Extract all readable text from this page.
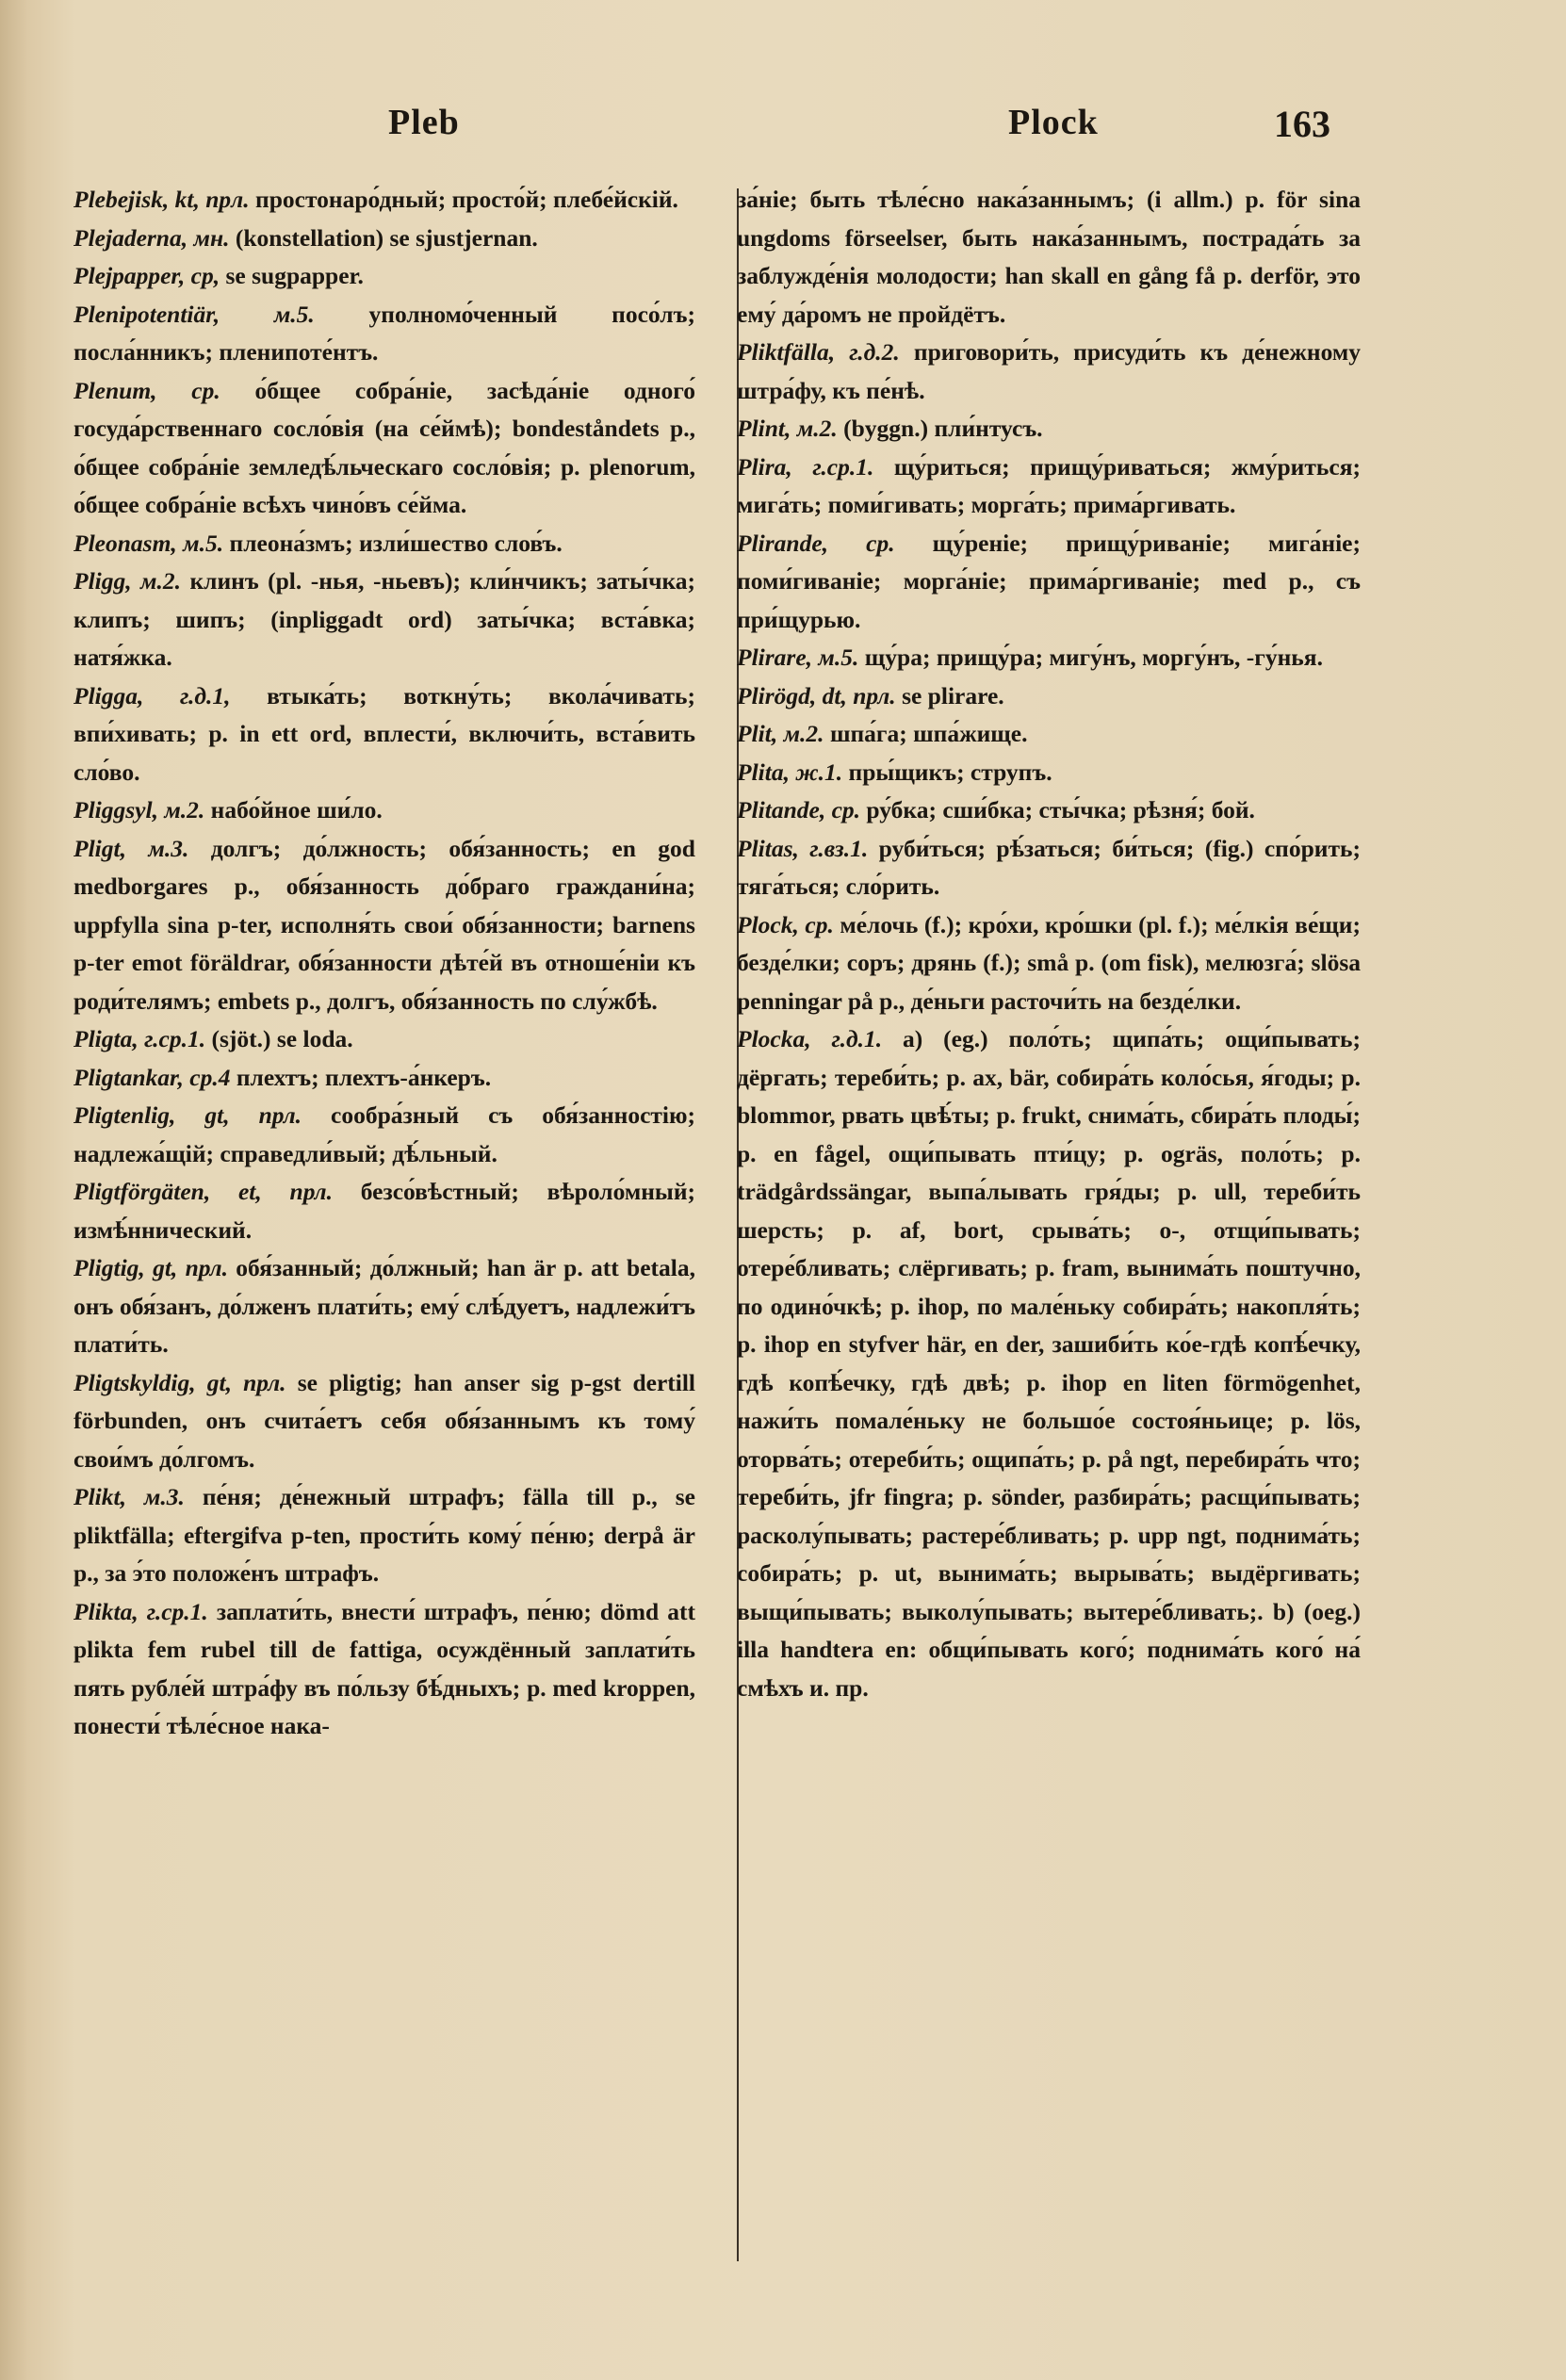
Plеb	Plock	163

Plebejisk, kt, npл. простонаро́дный; просто́й; плебе́йскій.

Plejaderna, мн. (konstellation) se sjustjernan.

Plejpapper, ср, se sugpapper.

Plenipotentiär, м.5. уполномо́ченный посо́лъ; посла́нникъ; пленипоте́нтъ.

Plenum, ср. о́бщее собра́ніе, засѣда́ніе одного́ госуда́рственнаго сосло́вія (на се́ймѣ); bondeståndets p., о́бщее собра́ніе земледѣ́льческаго сосло́вія; p. plenorum, о́бщее собра́ніе всѣхъ чино́въ се́йма.

Pleonasm, м.5. плеона́змъ; изли́шество слов́ъ.

Pligg, м.2. клинъ (pl. -нья, -ньевъ); кли́нчикъ; заты́чка; клипъ; шипъ; (inpliggadt ord) заты́чка; вста́вка; натя́жка.

Pligga, г.д.1, втыка́ть; воткну́ть; вкола́чивать; впи́хивать; p. in ett ord, вплести́, включи́ть, вста́вить сло́во.

Pliggsyl, м.2. набо́йное ши́ло.

Pligt, м.3. долгъ; до́лжность; обя́занность; en god medborgares p., обя́занность до́браго граждани́на; uppfylla sina p-ter, исполня́ть свои́ обя́занности; barnens p-ter emot föräldrar, обя́занности дѣте́й въ отноше́ніи къ роди́телямъ; embets p., долгъ, обя́занность по слу́жбѣ.

Pligta, г.ср.1. (sjöt.) se loda.

Pligtankar, ср.4 плехтъ; плехтъ-а́нкеръ.

Pligtenlig, gt, прл. сообра́зный съ обя́занностію; надлежа́щій; справедли́вый; дѣ́льный.

Pligtförgäten, et, прл. безсо́вѣстный; вѣроло́мный; измѣ́ннический.

Pligtig, gt, прл. обя́занный; до́лжный; han är p. att betala, онъ обя́занъ, до́лженъ плати́ть; ему́ слѣ́дуетъ, надлежи́тъ плати́ть.

Pligtskyldig, gt, прл. se pligtig; han anser sig p-gst dertill förbunden, онъ счита́етъ себя обя́заннымъ къ тому́ свои́мъ до́лгомъ.

Plikt, м.3. пе́ня; де́нежный штрафъ; fälla till p., se pliktfälla; eftergifva p-ten, прости́ть кому́ пе́ню; derpå är p., за э́то положе́нъ штрафъ.

Plikta, г.ср.1. заплати́ть, внести́ штрафъ, пе́ню; dömd att plikta fem rubel till de fattiga, осуждённый заплати́ть пять рубле́й штра́фу въ по́льзу бѣ́дныхъ; p. med kroppen, понести́ тѣле́сное нака-

за́ніе; быть тѣле́сно нака́заннымъ; (i allm.) p. för sina ungdoms förseelser, быть нака́заннымъ, пострада́ть за заблужде́нія молодости; han skall en gång få p. derför, это ему́ да́ромъ не пройдётъ.

Pliktfälla, г.д.2. приговори́ть, присуди́ть къ де́нежному штра́фу, къ пе́нѣ.

Plint, м.2. (byggn.) пли́нтусъ.

Plira, г.ср.1. щу́риться; прищу́риваться; жму́риться; мига́ть; поми́гивать; морга́ть; прима́ргивать.

Plirande, ср. щу́реніе; прищу́риваніе; мига́ніе; поми́гиваніе; морга́ніе; прима́ргиваніе; med p., съ при́щурью.

Plirare, м.5. щу́ра; прищу́ра; мигу́нъ, моргу́нъ, -гу́нья.

Plirögd, dt, прл. se plirare.

Plit, м.2. шпа́га; шпа́жище.

Plita, ж.1. пры́щикъ; струпъ.

Plitande, ср. ру́бка; сши́бка; сты́чка; рѣзня́; бой.

Plitas, г.вз.1. руби́ться; рѣ́заться; би́ться; (fig.) спо́рить; тяга́ться; сло́рить.

Plock, ср. ме́лочь (f.); кро́хи, кро́шки (pl. f.); ме́лкія ве́щи; безде́лки; соръ; дрянь (f.); små p. (om fisk), мелюзга́; slösa penningar på p., де́ньги расточи́ть на безде́лки.

Plocka, г.д.1. а) (eg.) поло́ть; щипа́ть; ощи́пывать; дёргать; тереби́ть; p. ax, bär, собира́ть коло́сья, я́годы; p. blommor, рвать цвѣ́ты; p. frukt, снима́ть, сбира́ть плоды́; p. en fågel, ощи́пывать пти́цу; p. ogräs, поло́ть; p. trädgårdssängar, выпа́лывать гря́ды; p. ull, тереби́ть шерсть; p. af, bort, срыва́ть; о-, отщи́пывать; отере́бливать; слёргивать; p. fram, вынима́ть поштучно, по одино́чкѣ; p. ihop, по мале́ньку собира́ть; накопля́ть; p. ihop en styfver här, en der, зашиби́ть ко́е-гдѣ копѣ́ечку, гдѣ копѣ́ечку, гдѣ двѣ; p. ihop en liten förmögenhet, нажи́ть помале́ньку не большо́е состоя́ньице; p. lös, оторва́ть; отереби́ть; ощипа́ть; p. på ngt, перебира́ть что; тереби́ть, jfr fingra; p. sönder, разбира́ть; расщи́пывать; расколу́пывать; растере́бливать; p. upp ngt, поднима́ть; собира́ть; p. ut, вынима́ть; вырыва́ть; выдёргивать; выщи́пывать; выколу́пывать; вытере́бливать;. b) (oeg.) illa handtera en: общи́пывать кого́; поднима́ть кого́ на́ смѣхъ и. пр.
